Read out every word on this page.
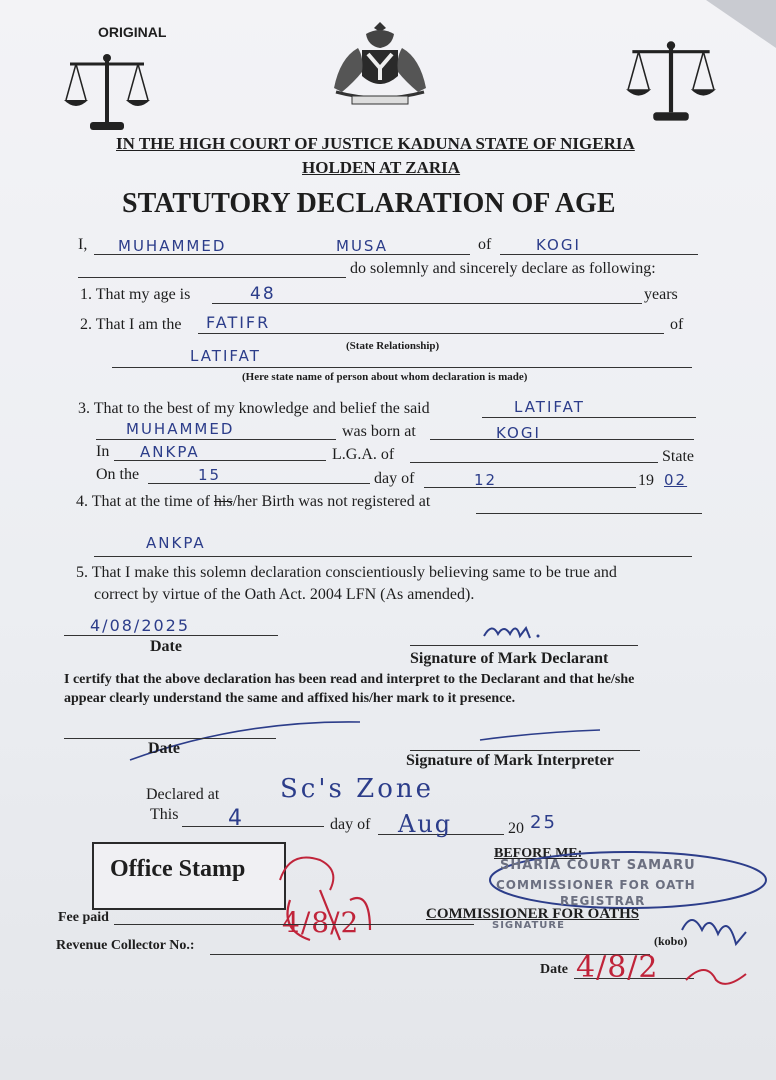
ORIGINAL
IN THE HIGH COURT OF JUSTICE KADUNA STATE OF NIGERIA
HOLDEN AT ZARIA
STATUTORY DECLARATION OF AGE
I, MUHAMMED	MUSA	of	KOGI
do solemnly and sincerely declare as following:
1. That my age is	48	years
2. That I am the FATIFR	of
(State Relationship)
LATIFAT
(Here state name of person about whom declaration is made)
3. That to the best of my knowledge and belief the said	LATIFAT
MUHAMMED	was born at	KOGI
In ANKPA	L.G.A. of	State
On the	15	day of	12	19 02
4. That at the time of his/her Birth was not registered at
ANKPA
5. That I make this solemn declaration conscientiously believing same to be true and
correct by virtue of the Oath Act. 2004 LFN (As amended).
4/08/2025
Date
Signature of Mark Declarant
I certify that the above declaration has been read and interpret to the Declarant and that he/she
appear clearly understand the same and affixed his/her mark to it presence.
Date
Signature of Mark Interpreter
Declared at Sc's Zone
This 4	day of Aug	20 25
Office Stamp
4/8/2
BEFORE ME:
SHARIA COURT SAMARU
COMMISSIONER FOR OATH
REGISTRAR
SIGNATURE
COMMISSIONER FOR OATHS
(kobo)
Fee paid
Revenue Collector No.:
Date 4/8/2
